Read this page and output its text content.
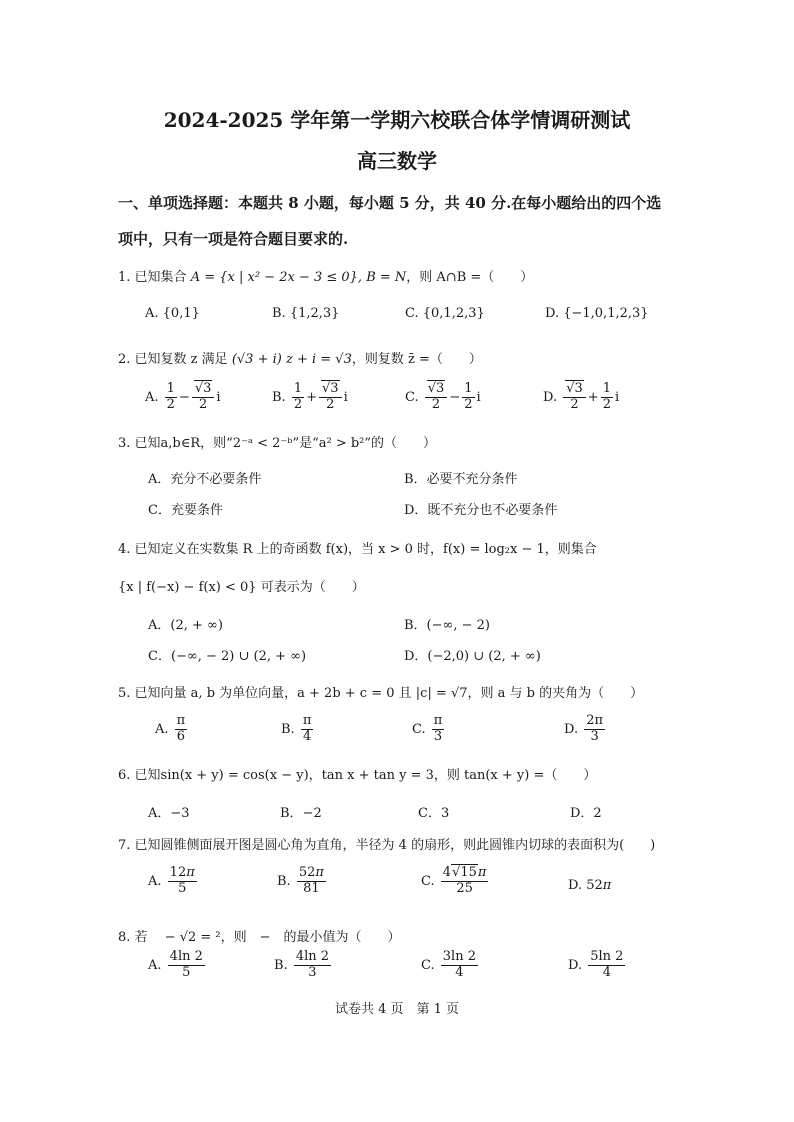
2024-2025 学年第一学期六校联合体学情调研测试
高三数学
一、单项选择题：本题共 8 小题，每小题 5 分，共 40 分.在每小题给出的四个选
项中，只有一项是符合题目要求的.
1. 已知集合 A = {x | x² − 2x − 3 ≤ 0}, B = N，则 A∩B =（　　）
A. {0,1}	B. {1,2,3}	C. {0,1,2,3}	D. {−1,0,1,2,3}
2. 已知复数 z 满足 (√3 + i) z + i = √3，则复数 z̄ =（　　）
A. $\frac{1}{2} - \frac{√3}{2}$ i	B. $\frac{1}{2} + \frac{√3}{2}$ i	C. $\frac{√3}{2} - \frac{1}{2}$ i	D. $\frac{√3}{2} + \frac{1}{2}$ i
3. 已知a,b∈R，则“2⁻ᵃ < 2⁻ᵇ”是“a² > b²”的（　　）
A．充分不必要条件	B．必要不充分条件
C．充要条件	D．既不充分也不必要条件
4. 已知定义在实数集 R 上的奇函数 f(x)，当 x > 0 时，f(x) = log₂x − 1，则集合
{x | f(−x) − f(x) < 0} 可表示为（　　）
A．(2, + ∞)	B．(−∞, − 2)
C．(−∞, − 2) ∪ (2, + ∞)	D．(−2,0) ∪ (2, + ∞)
5. 已知向量 a, b 为单位向量，a + 2b + c = 0 且 |c| = √7，则 a 与 b 的夹角为（　　）
A. $\frac{\pi}{6}$	B. $\frac{\pi}{4}$	C. $\frac{\pi}{3}$	D. $\frac{2\pi}{3}$
6. 已知sin(x + y) = cos(x − y)，tan x + tan y = 3，则 tan(x + y) =（　　）
A．−3	B．−2	C．3	D．2
7. 已知圆锥侧面展开图是圆心角为直角，半径为 4 的扇形，则此圆锥内切球的表面积为(　　)
A. $\frac{12\pi}{5}$	B. $\frac{52\pi}{81}$	C. $\frac{4√15\pi}{25}$	D. 52π
8. 若　 − √2 = ²，则　−　的最小值为（　　）
A. $\frac{4\ln 2}{5}$	B. $\frac{4\ln 2}{3}$	C. $\frac{3\ln 2}{4}$	D. $\frac{5\ln 2}{4}$
试卷共 4 页　第 1 页
